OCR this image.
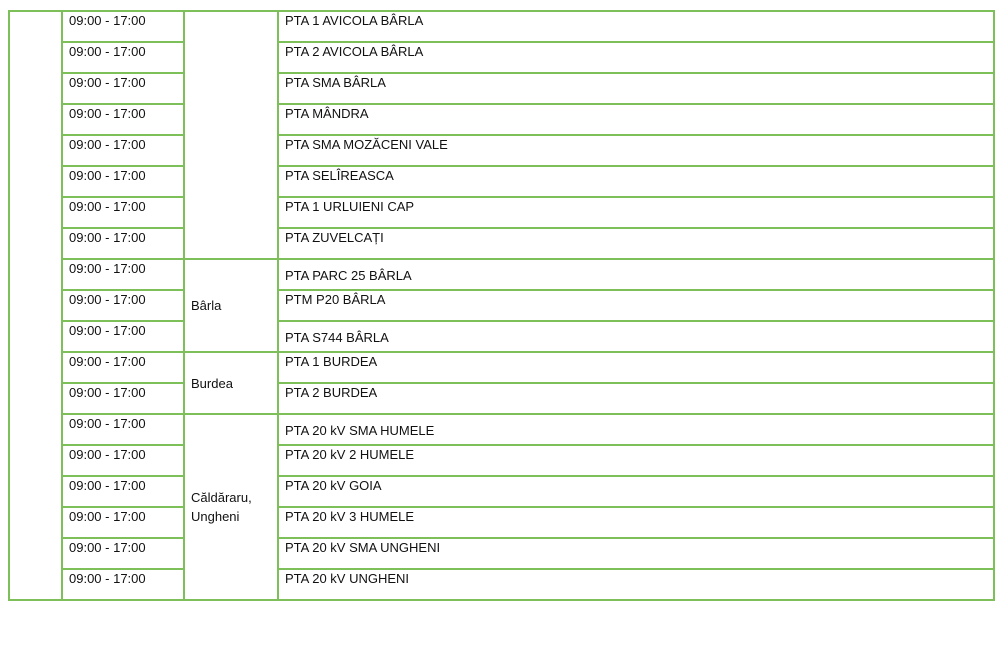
	09:00 - 17:00		PTA 1 AVICOLA BÂRLA

	09:00 - 17:00		PTA 2 AVICOLA BÂRLA

	09:00 - 17:00		PTA SMA BÂRLA

	09:00 - 17:00		PTA MÂNDRA

	09:00 - 17:00		PTA SMA MOZĂCENI VALE

	09:00 - 17:00		PTA SELÎREASCA

	09:00 - 17:00		PTA 1 URLUIENI CAP

	09:00 - 17:00		PTA ZUVELCAȚI

	09:00 - 17:00	Bârla	PTA PARC 25 BÂRLA

	09:00 - 17:00		PTM P20 BÂRLA

	09:00 - 17:00		PTA S744 BÂRLA

	09:00 - 17:00	Burdea	PTA 1 BURDEA

	09:00 - 17:00		PTA 2 BURDEA

	09:00 - 17:00	Căldăraru, Ungheni	PTA 20 kV SMA HUMELE

	09:00 - 17:00		PTA 20 kV 2 HUMELE

	09:00 - 17:00		PTA 20 kV GOIA

	09:00 - 17:00		PTA 20 kV 3 HUMELE

	09:00 - 17:00		PTA 20 kV SMA UNGHENI

	09:00 - 17:00		PTA 20 kV UNGHENI
